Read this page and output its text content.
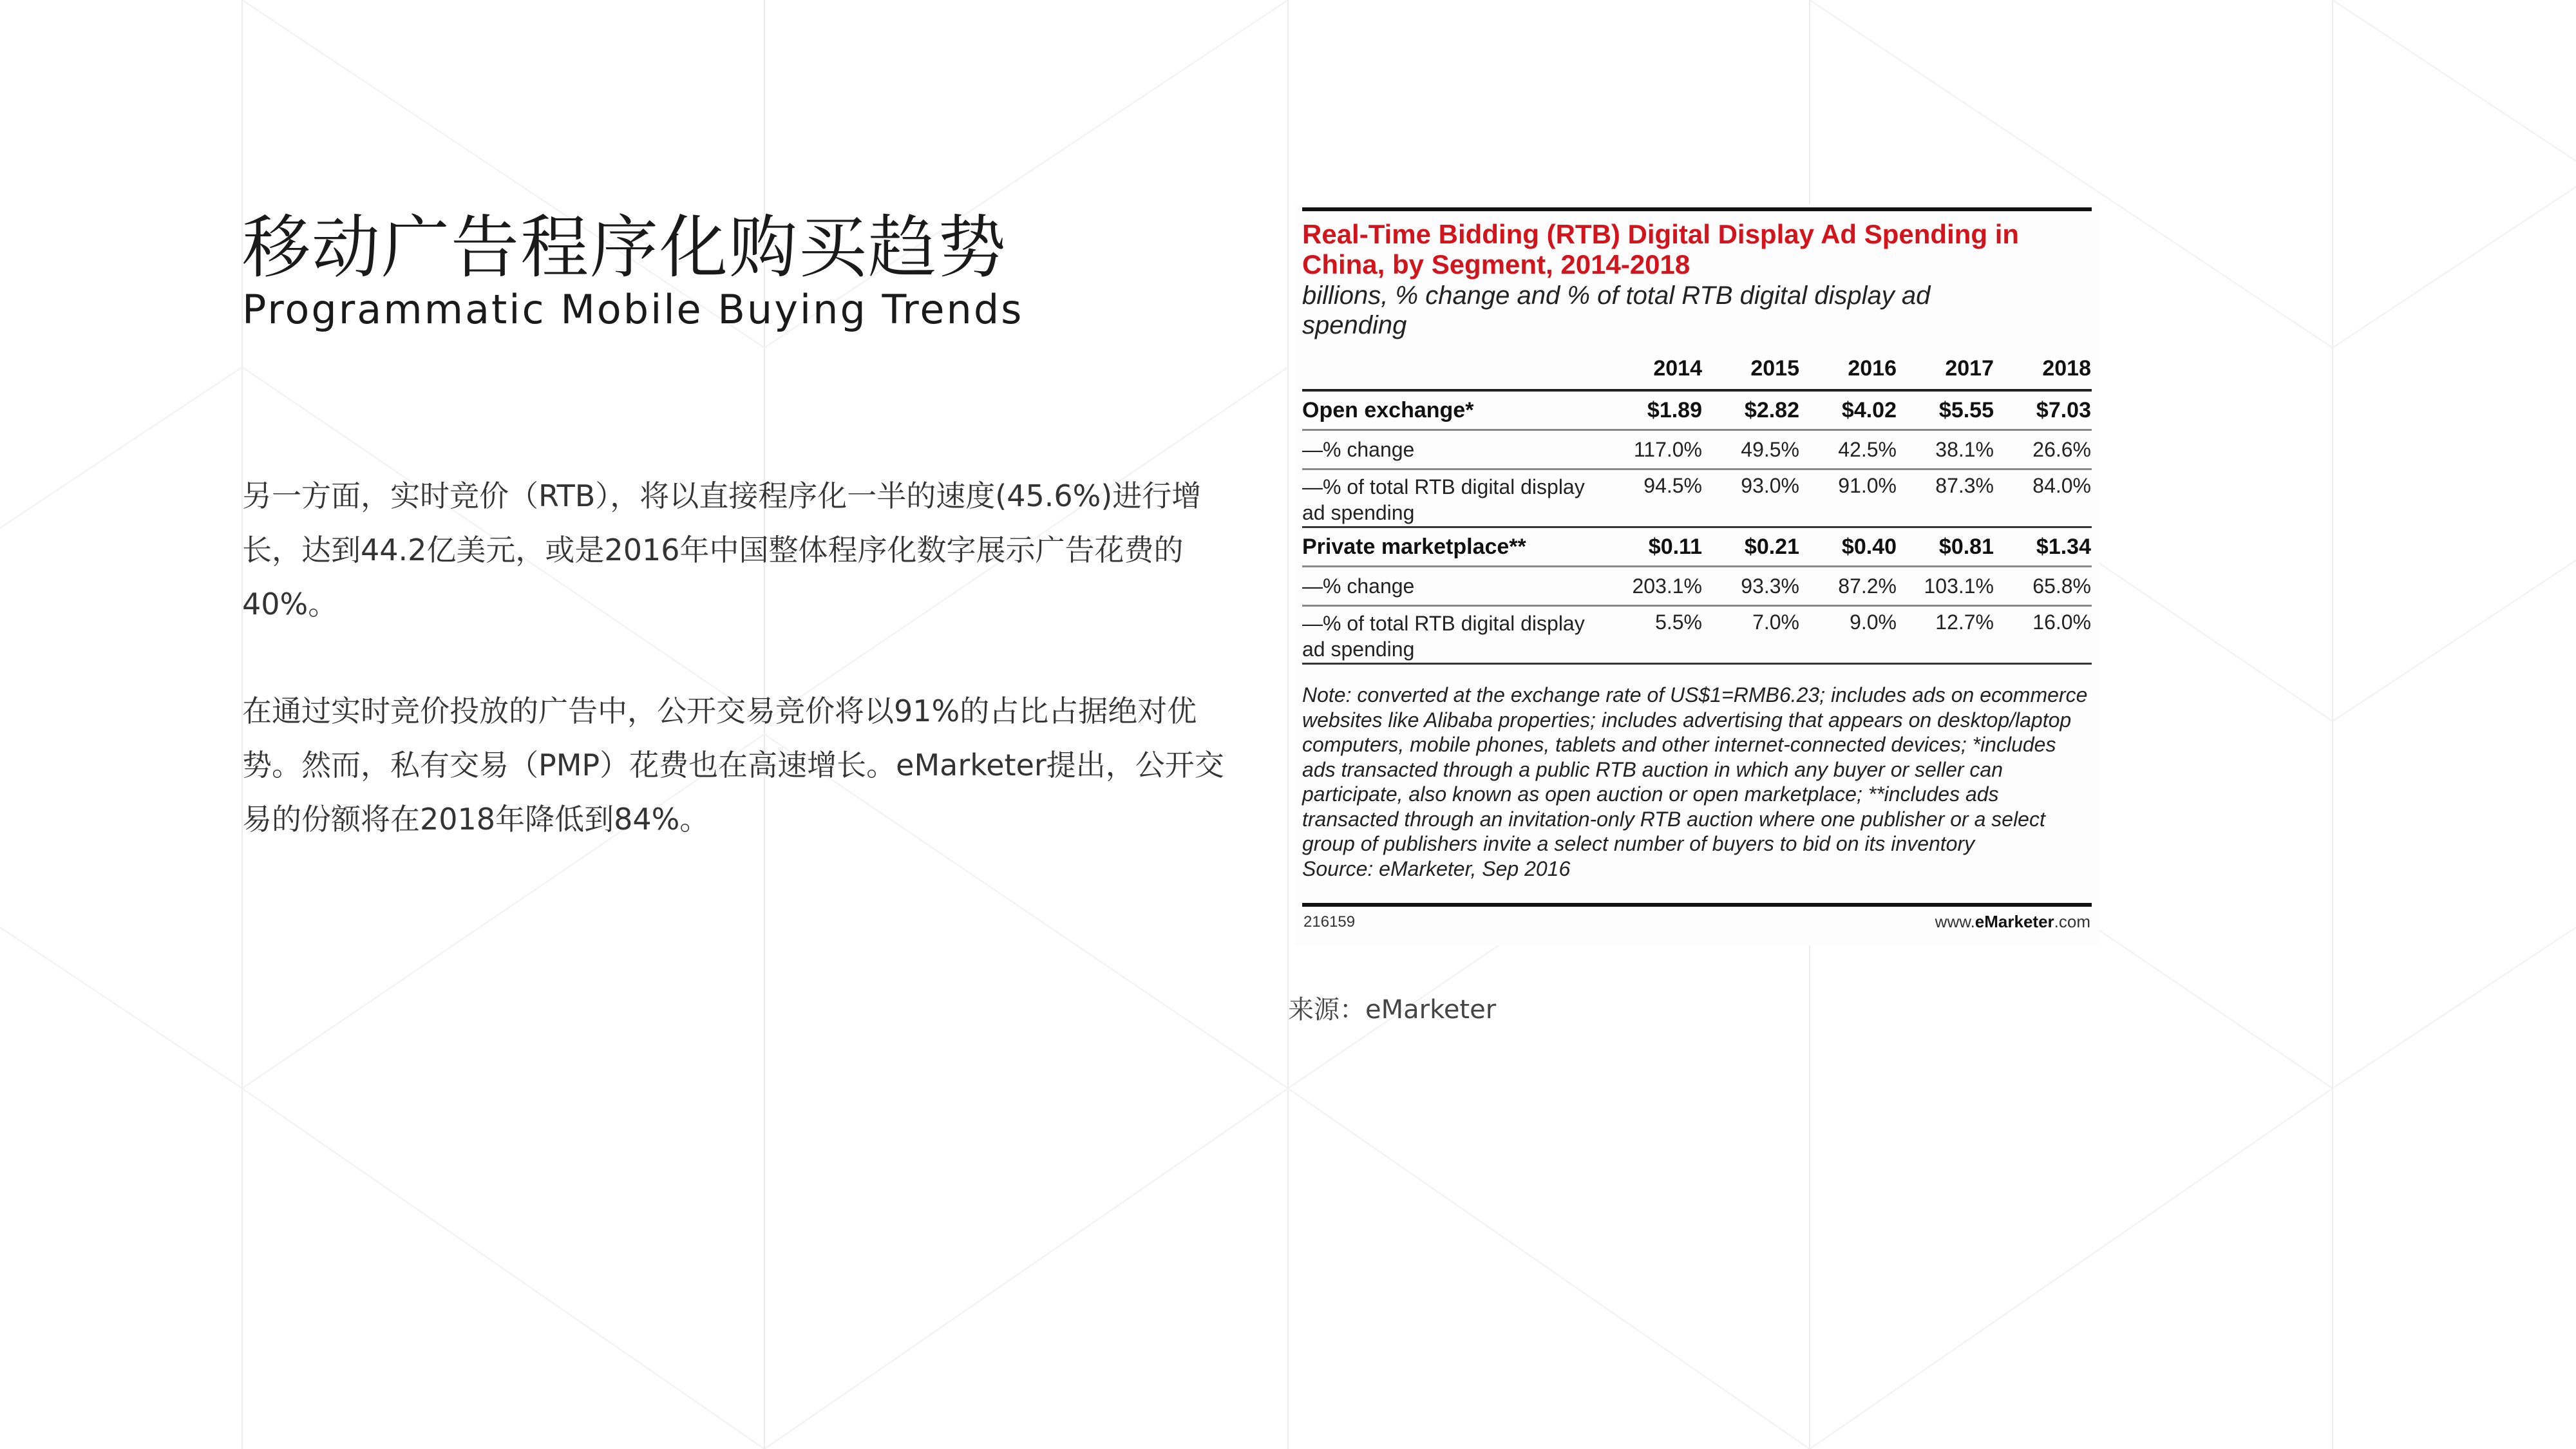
移动广告程序化购买趋势
Programmatic Mobile Buying Trends
另一方面，实时竞价（RTB），将以直接程序化一半的速度(45.6%)进行增长，达到44.2亿美元，或是2016年中国整体程序化数字展示广告花费的40%。
在通过实时竞价投放的广告中，公开交易竞价将以91%的占比占据绝对优势。然而，私有交易（PMP）花费也在高速增长。eMarketer提出，公开交易的份额将在2018年降低到84%。
Real-Time Bidding (RTB) Digital Display Ad Spending in China, by Segment, 2014-2018
billions, % change and % of total RTB digital display ad spending
2014	2015	2016	2017	2018
Open exchange*	$1.89	$2.82	$4.02	$5.55	$7.03
—% change	117.0%	49.5%	42.5%	38.1%	26.6%
—% of total RTB digital display ad spending
94.5%	93.0%	91.0%	87.3%	84.0%
Private marketplace**	$0.11	$0.21	$0.40	$0.81	$1.34
—% change	203.1%	93.3%	87.2%	103.1%	65.8%
—% of total RTB digital display ad spending
5.5%	7.0%	9.0%	12.7%	16.0%
Note: converted at the exchange rate of US$1=RMB6.23; includes ads on ecommerce websites like Alibaba properties; includes advertising that appears on desktop/laptop computers, mobile phones, tablets and other internet-connected devices; *includes ads transacted through a public RTB auction in which any buyer or seller can participate, also known as open auction or open marketplace; **includes ads transacted through an invitation-only RTB auction where one publisher or a select group of publishers invite a select number of buyers to bid on its inventory
Source: eMarketer, Sep 2016
216159	www.eMarketer.com
来源：eMarketer
